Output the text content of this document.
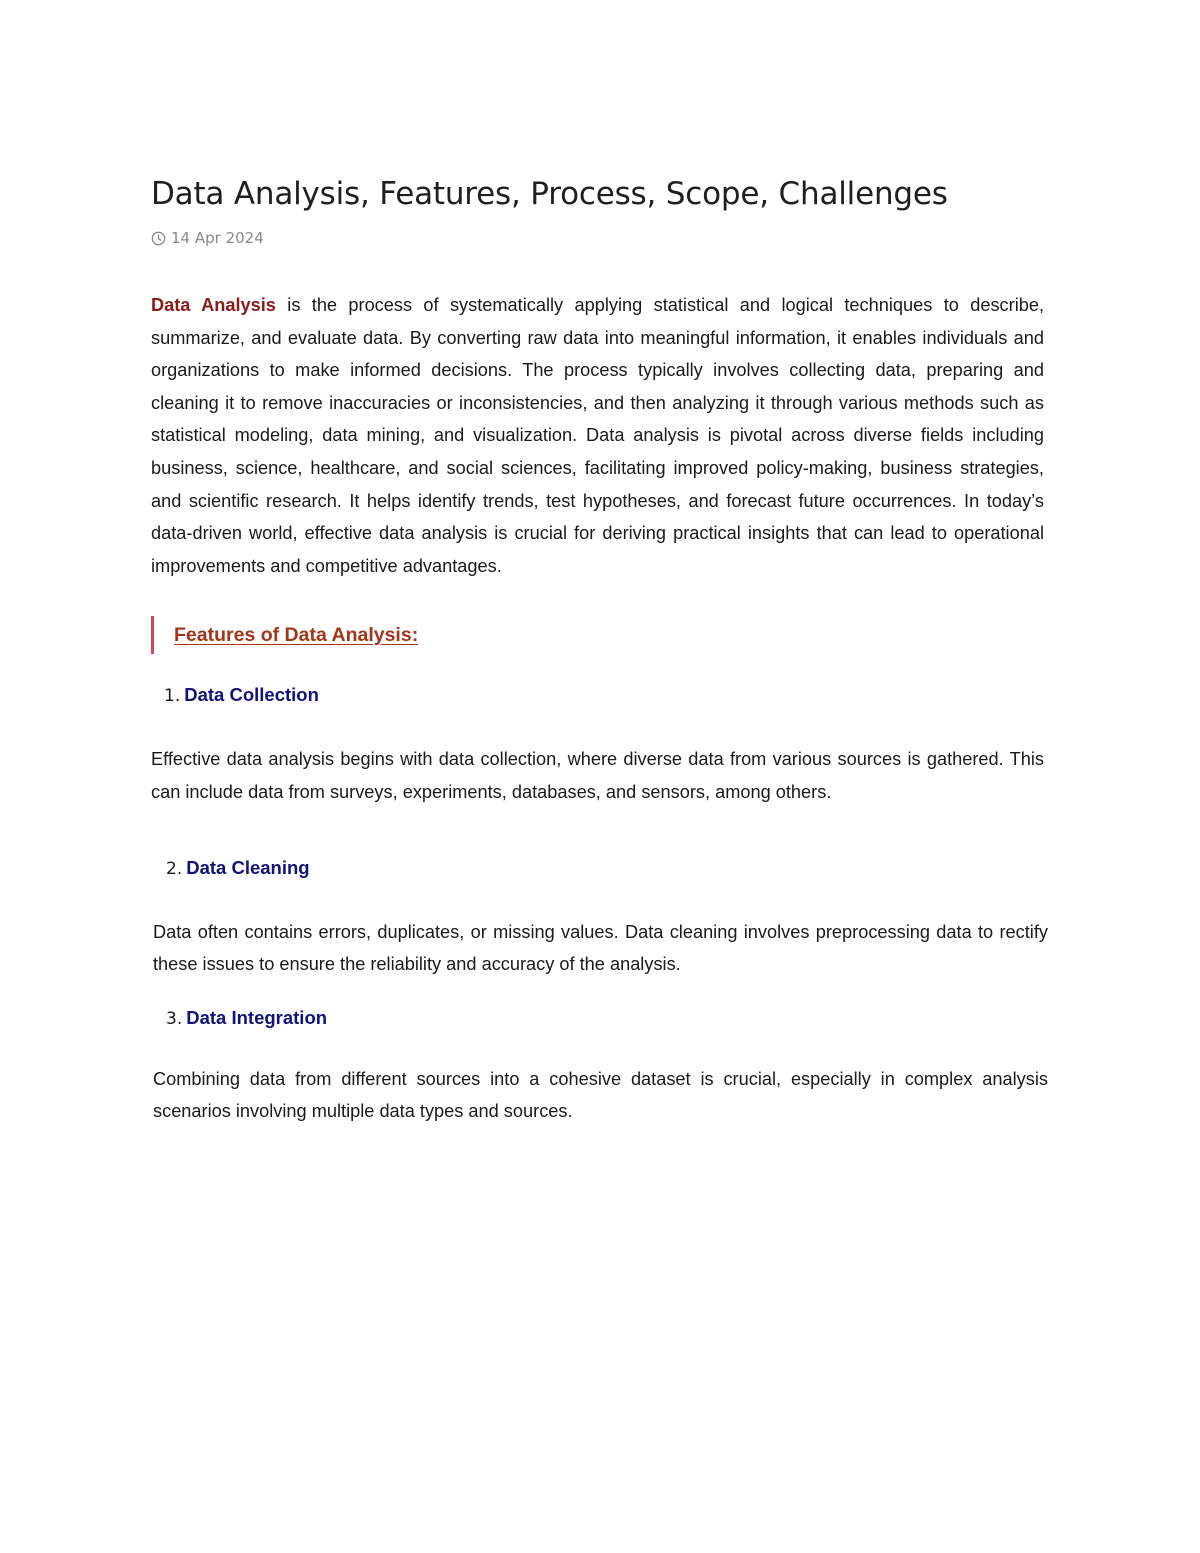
Data Analysis, Features, Process, Scope, Challenges
14 Apr 2024

Data Analysis is the process of systematically applying statistical and logical techniques to describe, summarize, and evaluate data. By converting raw data into meaningful information, it enables individuals and organizations to make informed decisions. The process typically involves collecting data, preparing and cleaning it to remove inaccuracies or inconsistencies, and then analyzing it through various methods such as statistical modeling, data mining, and visualization. Data analysis is pivotal across diverse fields including business, science, healthcare, and social sciences, facilitating improved policy-making, business strategies, and scientific research. It helps identify trends, test hypotheses, and forecast future occurrences. In today’s data-driven world, effective data analysis is crucial for deriving practical insights that can lead to operational improvements and competitive advantages.

Features of Data Analysis:
1. Data Collection

Effective data analysis begins with data collection, where diverse data from various sources is gathered. This can include data from surveys, experiments, databases, and sensors, among others.

2. Data Cleaning

Data often contains errors, duplicates, or missing values. Data cleaning involves preprocessing data to rectify these issues to ensure the reliability and accuracy of the analysis.

3. Data Integration

Combining data from different sources into a cohesive dataset is crucial, especially in complex analysis scenarios involving multiple data types and sources.
